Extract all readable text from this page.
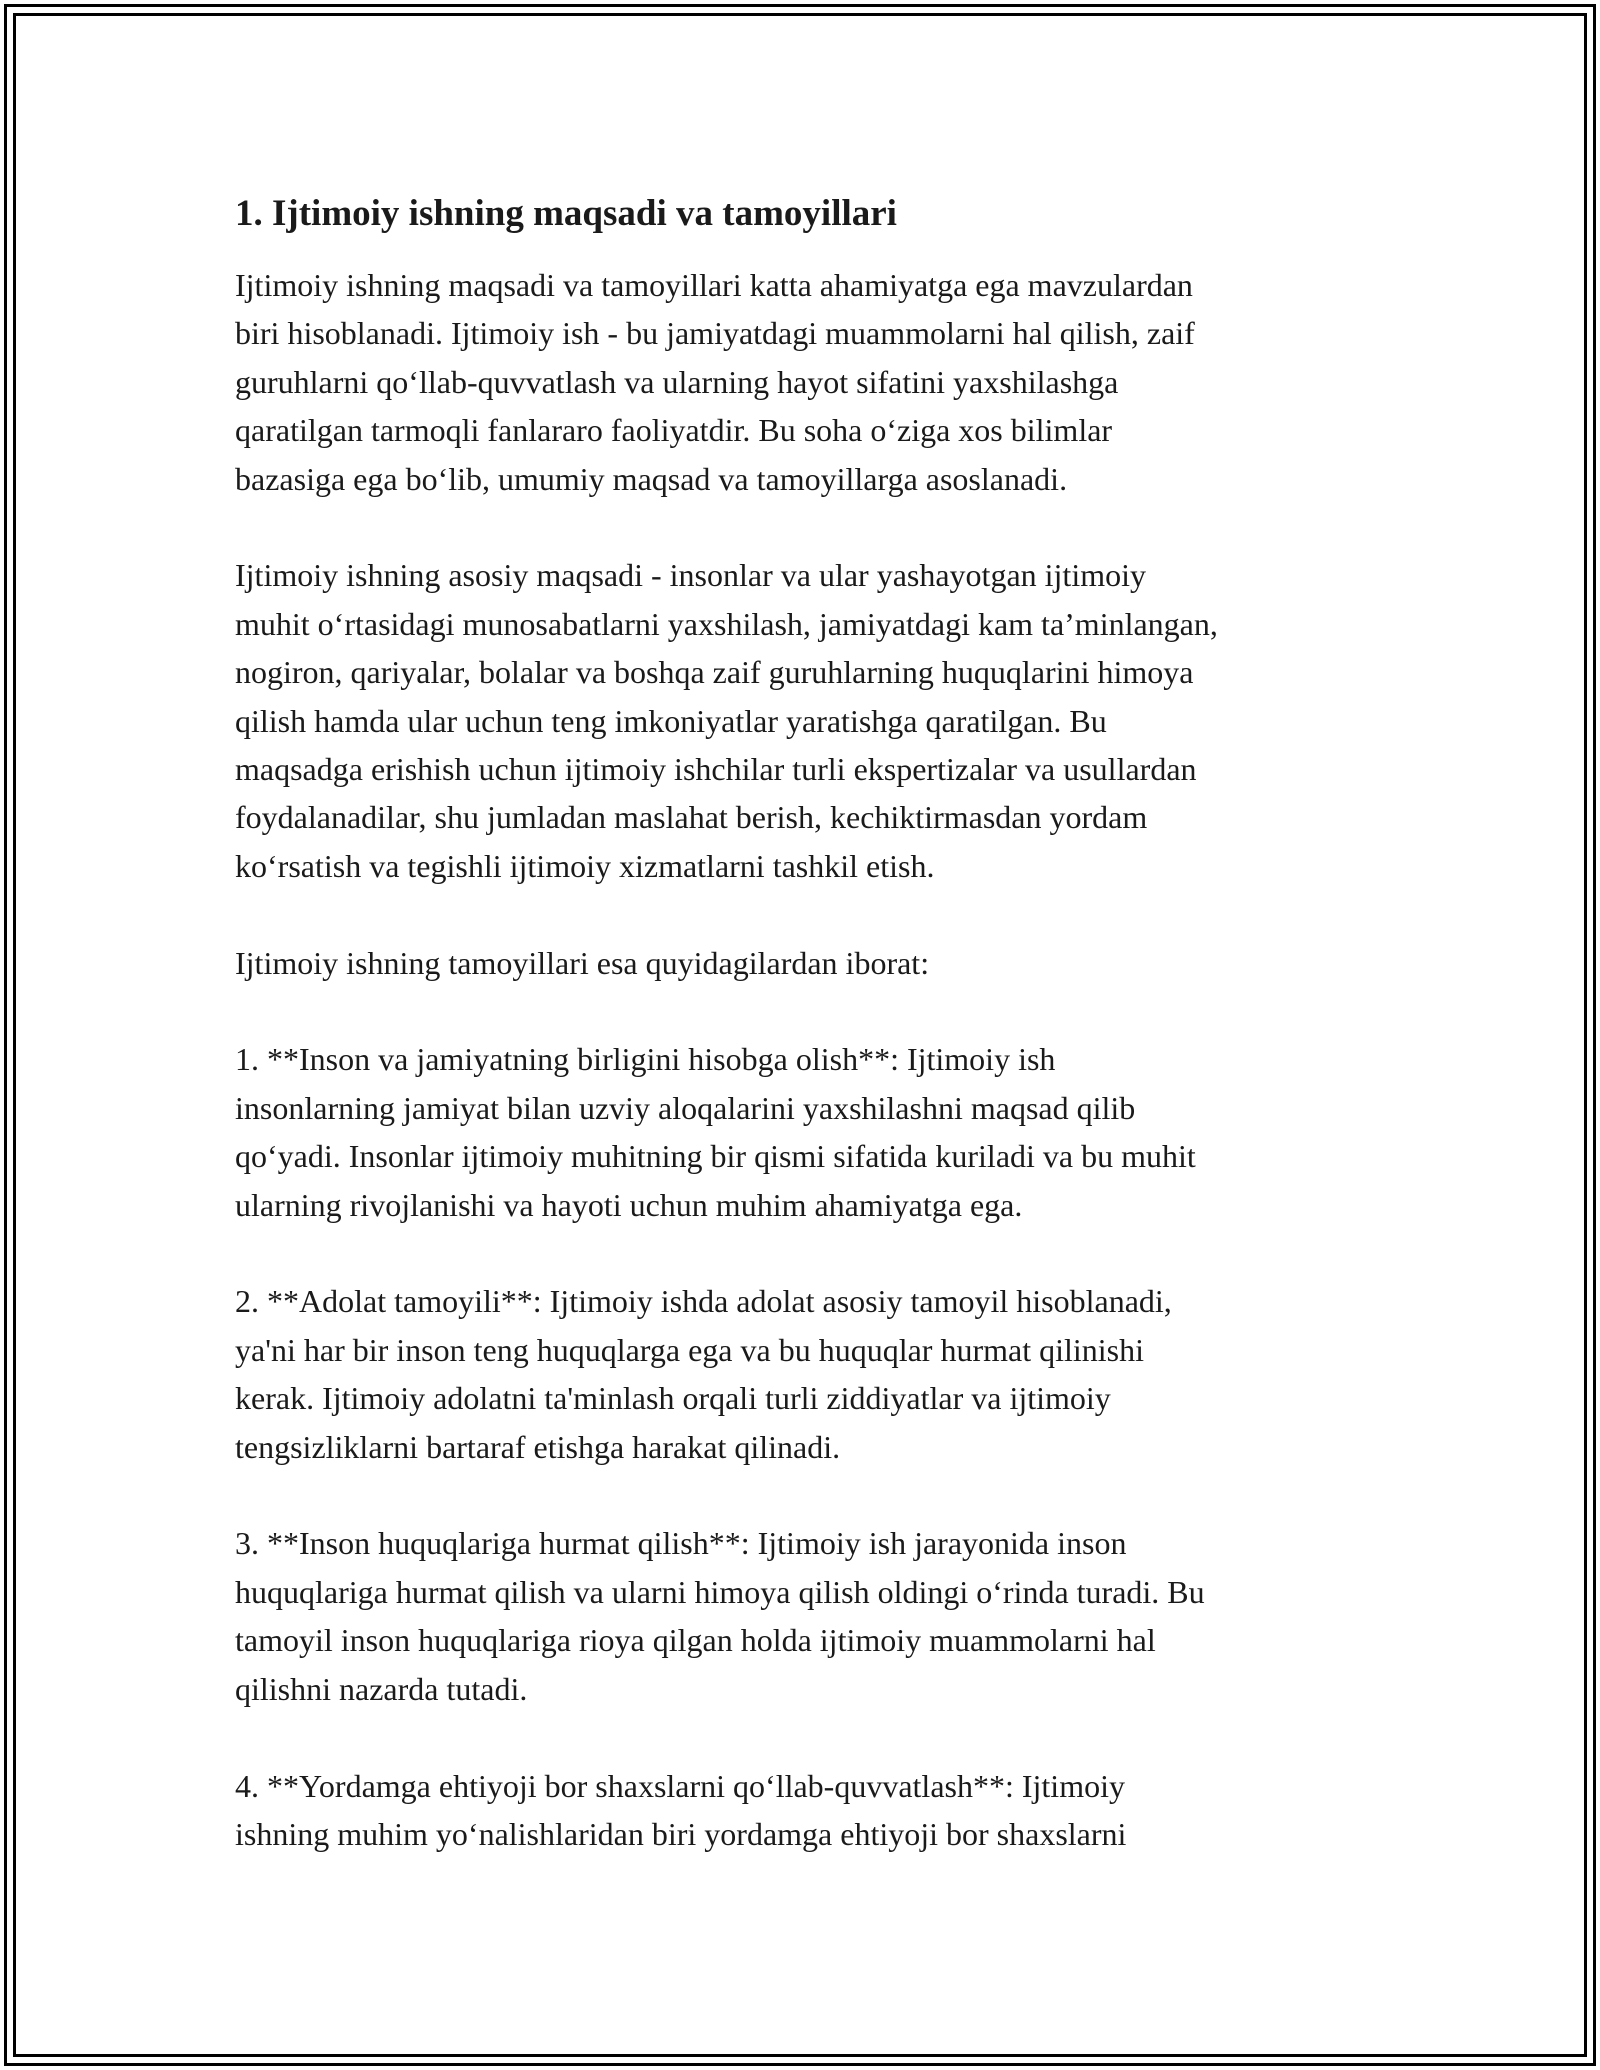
1. Ijtimoiy ishning maqsadi va tamoyillari

Ijtimoiy ishning maqsadi va tamoyillari katta ahamiyatga ega mavzulardan
biri hisoblanadi. Ijtimoiy ish - bu jamiyatdagi muammolarni hal qilish, zaif
guruhlarni qo‘llab-quvvatlash va ularning hayot sifatini yaxshilashga
qaratilgan tarmoqli fanlararo faoliyatdir. Bu soha o‘ziga xos bilimlar
bazasiga ega bo‘lib, umumiy maqsad va tamoyillarga asoslanadi.

Ijtimoiy ishning asosiy maqsadi - insonlar va ular yashayotgan ijtimoiy
muhit o‘rtasidagi munosabatlarni yaxshilash, jamiyatdagi kam ta’minlangan,
nogiron, qariyalar, bolalar va boshqa zaif guruhlarning huquqlarini himoya
qilish hamda ular uchun teng imkoniyatlar yaratishga qaratilgan. Bu
maqsadga erishish uchun ijtimoiy ishchilar turli ekspertizalar va usullardan
foydalanadilar, shu jumladan maslahat berish, kechiktirmasdan yordam
ko‘rsatish va tegishli ijtimoiy xizmatlarni tashkil etish.

Ijtimoiy ishning tamoyillari esa quyidagilardan iborat:

1. **Inson va jamiyatning birligini hisobga olish**: Ijtimoiy ish
insonlarning jamiyat bilan uzviy aloqalarini yaxshilashni maqsad qilib
qo‘yadi. Insonlar ijtimoiy muhitning bir qismi sifatida kuriladi va bu muhit
ularning rivojlanishi va hayoti uchun muhim ahamiyatga ega.

2. **Adolat tamoyili**: Ijtimoiy ishda adolat asosiy tamoyil hisoblanadi,
ya'ni har bir inson teng huquqlarga ega va bu huquqlar hurmat qilinishi
kerak. Ijtimoiy adolatni ta'minlash orqali turli ziddiyatlar va ijtimoiy
tengsizliklarni bartaraf etishga harakat qilinadi.

3. **Inson huquqlariga hurmat qilish**: Ijtimoiy ish jarayonida inson
huquqlariga hurmat qilish va ularni himoya qilish oldingi o‘rinda turadi. Bu
tamoyil inson huquqlariga rioya qilgan holda ijtimoiy muammolarni hal
qilishni nazarda tutadi.

4. **Yordamga ehtiyoji bor shaxslarni qo‘llab-quvvatlash**: Ijtimoiy
ishning muhim yo‘nalishlaridan biri yordamga ehtiyoji bor shaxslarni
